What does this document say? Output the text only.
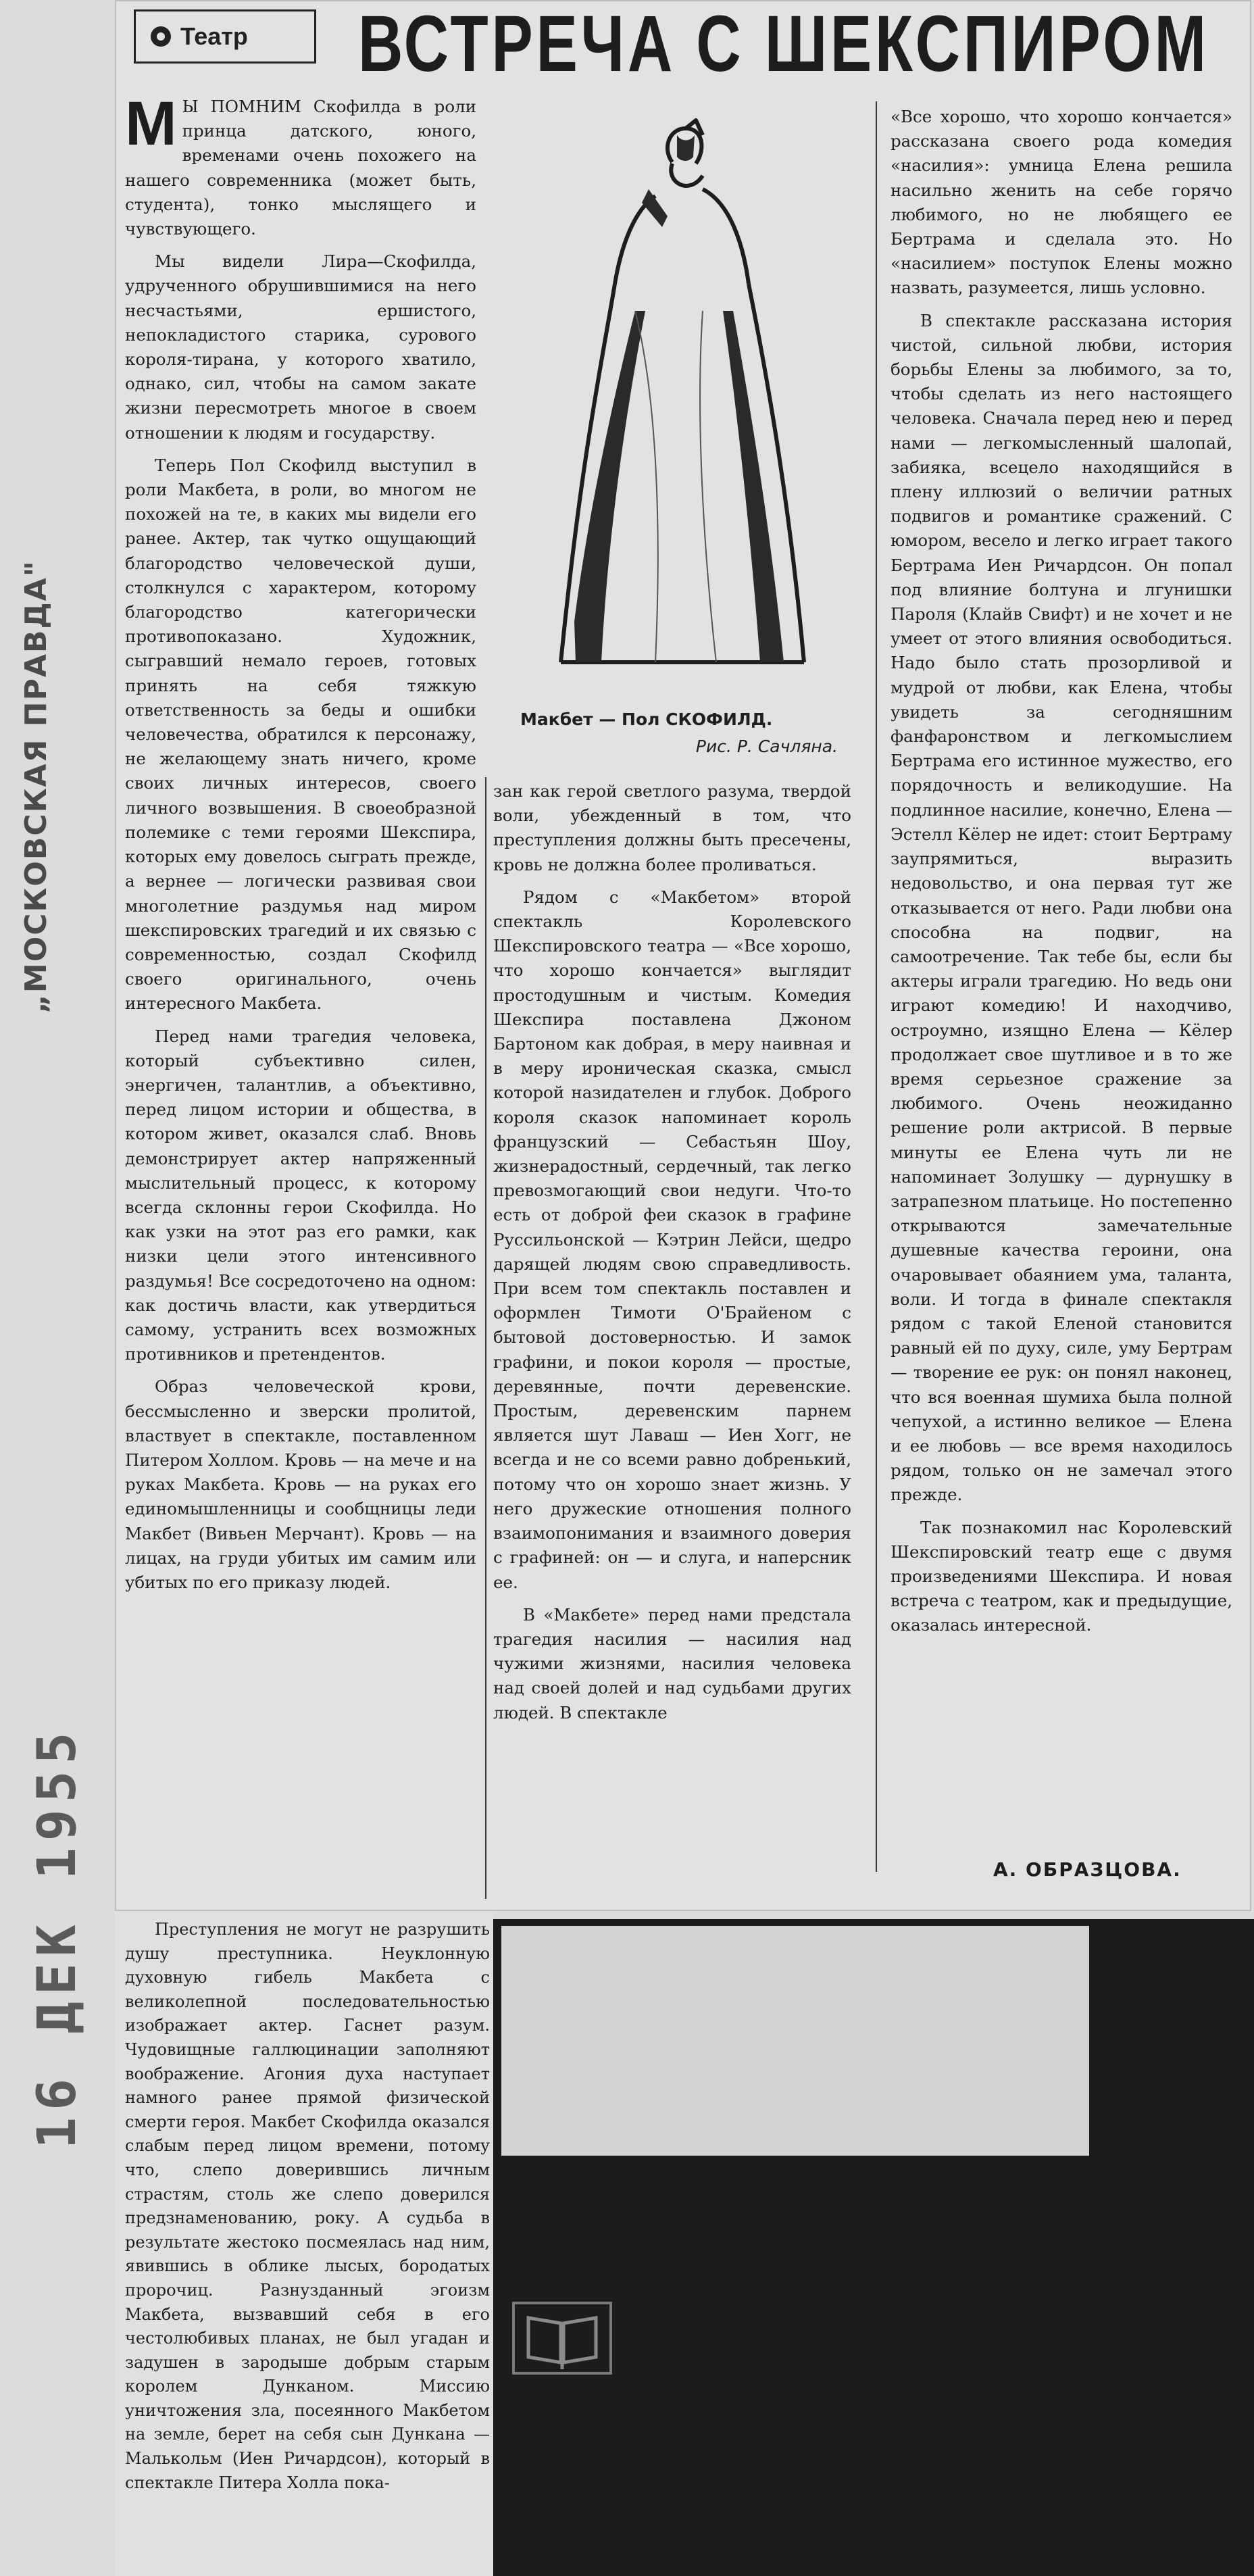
„МОСКОВСКАЯ ПРАВДА"
16 ДЕК 1955
Театр ВСТРЕЧА С ШЕКСПИРОМ

М Ы ПОМНИМ Скофилда в роли принца датского, юного, временами очень похожего на нашего современника (может быть, студента), тонко мыслящего и чувствующего.

Мы видели Лира—Скофилда, удрученного обрушившимися на него несчастьями, ершистого, непокладистого старика, сурового короля-тирана, у которого хватило, однако, сил, чтобы на самом закате жизни пересмотреть многое в своем отношении к людям и государству.

Теперь Пол Скофилд выступил в роли Макбета, в роли, во многом не похожей на те, в каких мы видели его ранее. Актер, так чутко ощущающий благородство человеческой души, столкнулся с характером, которому благородство категорически противопоказано. Художник, сыгравший немало героев, готовых принять на себя тяжкую ответственность за беды и ошибки человечества, обратился к персонажу, не желающему знать ничего, кроме своих личных интересов, своего личного возвышения. В своеобразной полемике с теми героями Шекспира, которых ему довелось сыграть прежде, а вернее — логически развивая свои многолетние раздумья над миром шекспировских трагедий и их связью с современностью, создал Скофилд своего оригинального, очень интересного Макбета.

Перед нами трагедия человека, который субъективно силен, энергичен, талантлив, а объективно, перед лицом истории и общества, в котором живет, оказался слаб. Вновь демонстрирует актер напряженный мыслительный процесс, к которому всегда склонны герои Скофилда. Но как узки на этот раз его рамки, как низки цели этого интенсивного раздумья! Все сосредоточено на одном: как достичь власти, как утвердиться самому, устранить всех возможных противников и претендентов.

Образ человеческой крови, бессмысленно и зверски пролитой, властвует в спектакле, поставленном Питером Холлом. Кровь — на мече и на руках Макбета. Кровь — на руках его единомышленницы и сообщницы леди Макбет (Вивьен Мерчант). Кровь — на лицах, на груди убитых им самим или убитых по его приказу людей.

Преступления не могут не разрушить душу преступника. Неуклонную духовную гибель Макбета с великолепной последовательностью изображает актер. Гаснет разум. Чудовищные галлюцинации заполняют воображение. Агония духа наступает намного ранее прямой физической смерти героя. Макбет Скофилда оказался слабым перед лицом времени, потому что, слепо доверившись личным страстям, столь же слепо доверился предзнаменованию, року. А судьба в результате жестоко посмеялась над ним, явившись в облике лысых, бородатых пророчиц. Разнузданный эгоизм Макбета, вызвавший себя в его честолюбивых планах, не был угадан и задушен в зародыше добрым старым королем Дунканом. Миссию уничтожения зла, посеянного Макбетом на земле, берет на себя сын Дункана — Малькольм (Иен Ричардсон), который в спектакле Питера Холла пока-

Макбет — Пол СКОФИЛД.
Рис. Р. Сачляна.

зан как герой светлого разума, твердой воли, убежденный в том, что преступления должны быть пресечены, кровь не должна более проливаться.

Рядом с «Макбетом» второй спектакль Королевского Шекспировского театра — «Все хорошо, что хорошо кончается» выглядит простодушным и чистым. Комедия Шекспира поставлена Джоном Бартоном как добрая, в меру наивная и в меру ироническая сказка, смысл которой назидателен и глубок. Доброго короля сказок напоминает король французский — Себастьян Шоу, жизнерадостный, сердечный, так легко превозмогающий свои недуги. Что-то есть от доброй феи сказок в графине Руссильонской — Кэтрин Лейси, щедро дарящей людям свою справедливость. При всем том спектакль поставлен и оформлен Тимоти О'Брайеном с бытовой достоверностью. И замок графини, и покои короля — простые, деревянные, почти деревенские. Простым, деревенским парнем является шут Лаваш — Иен Хогг, не всегда и не со всеми равно добренький, потому что он хорошо знает жизнь. У него дружеские отношения полного взаимопонимания и взаимного доверия с графиней: он — и слуга, и наперсник ее.

В «Макбете» перед нами предстала трагедия насилия — насилия над чужими жизнями, насилия человека над своей долей и над судьбами других людей. В спектакле

«Все хорошо, что хорошо кончается» рассказана своего рода комедия «насилия»: умница Елена решила насильно женить на себе горячо любимого, но не любящего ее Бертрама и сделала это. Но «насилием» поступок Елены можно назвать, разумеется, лишь условно.

В спектакле рассказана история чистой, сильной любви, история борьбы Елены за любимого, за то, чтобы сделать из него настоящего человека. Сначала перед нею и перед нами — легкомысленный шалопай, забияка, всецело находящийся в плену иллюзий о величии ратных подвигов и романтике сражений. С юмором, весело и легко играет такого Бертрама Иен Ричардсон. Он попал под влияние болтуна и лгунишки Пароля (Клайв Свифт) и не хочет и не умеет от этого влияния освободиться. Надо было стать прозорливой и мудрой от любви, как Елена, чтобы увидеть за сегодняшним фанфаронством и легкомыслием Бертрама его истинное мужество, его порядочность и великодушие. На подлинное насилие, конечно, Елена — Эстелл Кёлер не идет: стоит Бертраму заупрямиться, выразить недовольство, и она первая тут же отказывается от него. Ради любви она способна на подвиг, на самоотречение. Так тебе бы, если бы актеры играли трагедию. Но ведь они играют комедию! И находчиво, остроумно, изящно Елена — Кёлер продолжает свое шутливое и в то же время серьезное сражение за любимого. Очень неожиданно решение роли актрисой. В первые минуты ее Елена чуть ли не напоминает Золушку — дурнушку в затрапезном платьице. Но постепенно открываются замечательные душевные качества героини, она очаровывает обаянием ума, таланта, воли. И тогда в финале спектакля рядом с такой Еленой становится равный ей по духу, силе, уму Бертрам — творение ее рук: он понял наконец, что вся военная шумиха была полной чепухой, а истинно великое — Елена и ее любовь — все время находилось рядом, только он не замечал этого прежде.

Так познакомил нас Королевский Шекспировский театр еще с двумя произведениями Шекспира. И новая встреча с театром, как и предыдущие, оказалась интересной.

А. ОБРАЗЦОВА.
